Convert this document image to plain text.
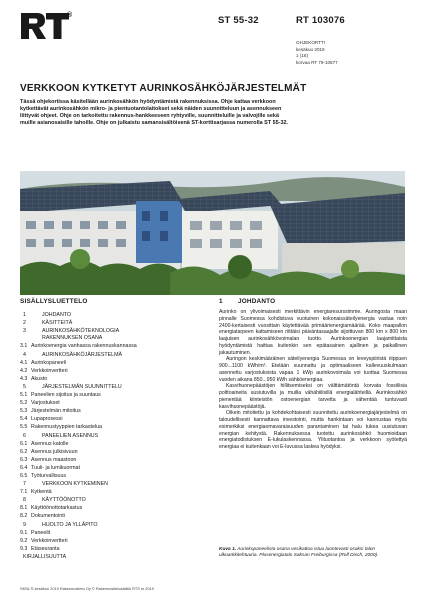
®	ST 55-32	RT 103076
OHJEKORTTI
kesäkuu 2019
1 (16)
korvaa RT 79-10877
VERKKOON KYTKETYT AURINKOSÄHKÖJÄRJESTELMÄT
Tässä ohjekortissa käsitellään aurinkosähkön hyödyntämistä rakennuksissa. Ohje kattaa verkkoon kytkettävät aurinkosähkön mikro- ja pientuotantolaitokset sekä näiden suunnitteluun ja asennukseen liittyvät ohjeet. Ohje on tarkoitettu rakennus-hankkeeseen ryhtyville, suunnitteluille ja valvojille sekä muille asianosaisille tahoille. Ohje on julkaistu samansisältöisenä ST-korttisarjassa numerolla ST 55-32.
SISÄLLYSLUETTELO
1	JOHDANTO
2	KÄSITTEITÄ
3	AURINKOSÄHKÖTEKNOLOGIA
RAKENNUKSEN OSANA
3.1 Aurinkoenergia vanhassa rakennuskannassa
4	AURINKOSÄHKÖJÄRJESTELMÄ
4.1 Aurinkopaneeli
4.2 Verkkoinvertteri
4.3 Akusto
5	JÄRJESTELMÄN SUUNNITTELU
5.1 Paneelien sijoitus ja suuntaus
5.2 Varjostukset
5.3 Järjestelmän mitoitus
5.4 Lupaprosessi
5.5 Rakennustyyppien tarkastelua
6	PANEELIEN ASENNUS
6.1 Asennus katolle
6.2 Asennus julkisivuun
6.3 Asennus maastoon
6.4 Tuuli- ja lumikuormat
6.5 Työturvallisuus
7	VERKKOON KYTKEMINEN
7.1 Kytkentä
8	KÄYTTÖÖNOTTO
8.1 Käyttöönottotarkastus
8.2 Dokumentointi
9	HUOLTO JA YLLÄPITO
9.1 Paneelit
9.2 Verkkoinvertteri
9.3 Etäseuranta
KIRJALLISUUTTA
1 JOHDANTO

Aurinko on ylivoimaisesti merkittävin energiaresurssimme. Auringosta maan pinnalle Suomessa kohdistuva vuotuinen kokonaissäteilyenergia vastaa noin 2400-kertaisesti vuosittain käytettävää primäärienergiamäärää. Koko maapallon energiatarpeen kattamiseen riittäisi päiväntasaajalle sijoittuvan 800 km x 800 km laajuisen aurinkosähkövoimalan tuotto. Aurinkoenergian laajamittaista hyödyntämistä haittaa kuitenkin sen epätasainen ajallinen ja paikallinen jakautuminen.

Auringon keskimääräinen säteilyenergia Suomessa on leveyspiiristä riippuen 900...1100 kWh/m². Etelään suunnattu ja optimaaliseen kallevuuskulmaan asennettu varjostuksista vapaa 1 kWp aurinkovoimala voi tuottaa Suomessa vuoden aikana 850...950 kWh sähköenergiaa.

Kasvihuonepäästöjen hillitsemiseksi on välttämätöntä korvata fossiilisia polttoaineita uusiutuvilla ja muilla vähähiilisillä energialähteillä. Aurinkosähkö pienentää kiinteistön ostoenergian tarvetta ja vähentää tuntuvasti kasvihuonepäästöjä.

Oikein mitoitettu ja kohdekohtaisesti suunniteltu aurinkoenergiajärjestelmä on taloudellisesti kannattava investointi, mutta hankintaan voi kannustaa myös esimerkiksi energiaomavaraisuuden parantaminen tai halu tukea uusiutuvan energian kehitystä. Rakennuksessa tuotettu aurinkosähkö huomioidaan energiatodistuksen E-lukulaskennassa. Ylituotantoa ja verkkoon syötettyä energiaa ei kuitenkaan voi E-luvussa laskea hyödyksi.

Kuva 1. Aurinkopaneelista osana vesikattoa istuu luontevasti osaksi talon ulkoarkkitehtuuria. Plusenergiatalo Saksan Freiburgissa (Rolf Disch, 2000).
SKNL'S kesäkuu 2019 Rakennustieto Oy © Rakennustietosäätiö RTS sr 2019
